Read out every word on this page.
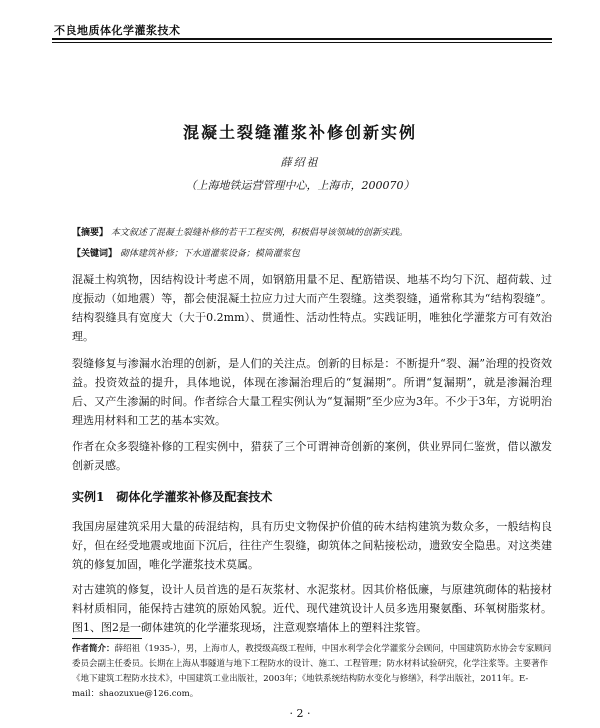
不良地质体化学灌浆技术
混凝土裂缝灌浆补修创新实例
薛绍祖
（上海地铁运营管理中心，上海市，200070）
【摘要】 本文叙述了混凝土裂缝补修的若干工程实例，积极倡导该领域的创新实践。
【关键词】 砌体建筑补修；下水道灌浆设备；模筒灌浆包

混凝土构筑物，因结构设计考虑不周，如钢筋用量不足、配筋错误、地基不均匀下沉、超荷载、过度振动（如地震）等，都会使混凝土拉应力过大而产生裂缝。这类裂缝，通常称其为“结构裂缝”。结构裂缝具有宽度大（大于0.2mm）、贯通性、活动性特点。实践证明，唯独化学灌浆方可有效治理。

裂缝修复与渗漏水治理的创新，是人们的关注点。创新的目标是：不断提升“裂、漏”治理的投资效益。投资效益的提升，具体地说，体现在渗漏治理后的“复漏期”。所谓“复漏期”，就是渗漏治理后、又产生渗漏的时间。作者综合大量工程实例认为“复漏期”至少应为3年。不少于3年，方说明治理选用材料和工艺的基本实效。

作者在众多裂缝补修的工程实例中，猎获了三个可谓神奇创新的案例，供业界同仁鉴赏，借以激发创新灵感。

实例1　砌体化学灌浆补修及配套技术

我国房屋建筑采用大量的砖混结构，具有历史文物保护价值的砖木结构建筑为数众多，一般结构良好，但在经受地震或地面下沉后，往往产生裂缝，砌筑体之间粘接松动，遗致安全隐患。对这类建筑的修复加固，唯化学灌浆技术莫属。

对古建筑的修复，设计人员首选的是石灰浆材、水泥浆材。因其价格低廉，与原建筑砌体的粘接材料材质相同，能保持古建筑的原始风貌。近代、现代建筑设计人员多选用聚氨酯、环氧树脂浆材。图1、图2是一砌体建筑的化学灌浆现场，注意观察墙体上的塑料注浆管。

作者简介：薛绍祖（1935-），男，上海市人，教授级高级工程师，中国水利学会化学灌浆分会顾问，中国建筑防水协会专家顾问委员会副主任委员。长期在上海从事隧道与地下工程防水的设计、施工、工程管理；防水材料试验研究，化学注浆等。主要著作《地下建筑工程防水技术》，中国建筑工业出版社，2003年；《地铁系统结构防水变化与修缮》，科学出版社，2011年。E-mail：shaozuxue@126.com。

· 2 ·
